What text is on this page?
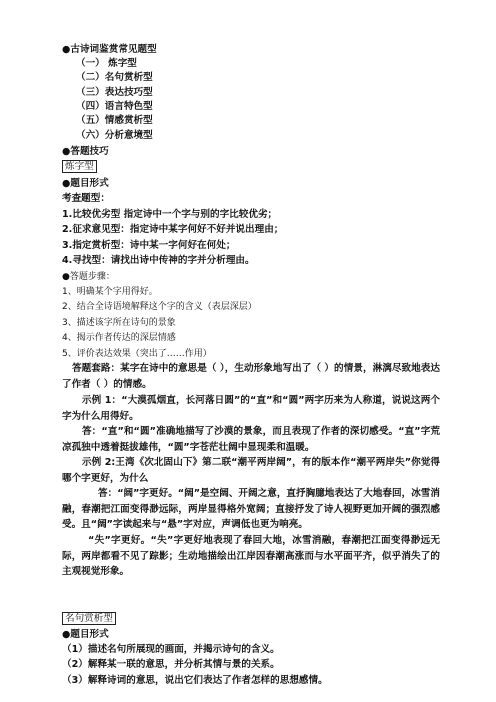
●古诗词鉴赏常见题型
（一） 炼字型
（二）名句赏析型
（三）表达技巧型
（四）语言特色型
（五）情感赏析型
（六）分析意境型
●答题技巧
炼字型
●题目形式
考查题型：
1.比较优劣型 指定诗中一个字与别的字比较优劣；
2.征求意见型：指定诗中某字何好不好并说出理由；
3.指定赏析型：诗中某一字何好在何处；
4.寻找型：请找出诗中传神的字并分析理由。
●答题步骤：
1、明确某个字用得好。
2、结合全诗语境解释这个字的含义（表层深层）
3、描述该字所在诗句的景象
4、揭示作者传达的深层情感
5、评价表达效果（突出了……作用）
答题套路：某字在诗中的意思是（ ），生动形象地写出了（ ）的情景，淋漓尽致地表达了作者（ ）的情感。
示例 1：“大漠孤烟直，长河落日圆”的“直”和“圆”两字历来为人称道，说说这两个字为什么用得好。
答：“直”和“圆”准确地描写了沙漠的景象，而且表现了作者的深切感受。“直”字荒凉孤独中透着挺拔雄伟，“圆”字苍茫壮阔中显现柔和温暖。
示例 2:王湾《次北固山下》第二联“潮平两岸阔”，有的版本作“潮平两岸失”你觉得哪个字更好，为什么
答：“阔”字更好。“阔”是空阔、开阔之意，直抒胸臆地表达了大地春回，冰雪消融，春潮把江面变得渺远际，两岸显得格外宽阔；直接抒发了诗人视野更加开阔的强烈感受。且“阔”字读起来与“悬”字对应，声调低也更为响亮。
“失”字更好。“失”字更好地表现了春回大地，冰雪消融，春潮把江面变得渺远无际，两岸都看不见了踪影；生动地描绘出江岸因春潮高涨而与水平面平齐，似乎消失了的主观视觉形象。
名句赏析型
●题目形式
（1）描述名句所展现的画面，并揭示诗句的含义。
（2）解释某一联的意思，并分析其情与景的关系。
（3）解释诗词的意思，说出它们表达了作者怎样的思想感情。
